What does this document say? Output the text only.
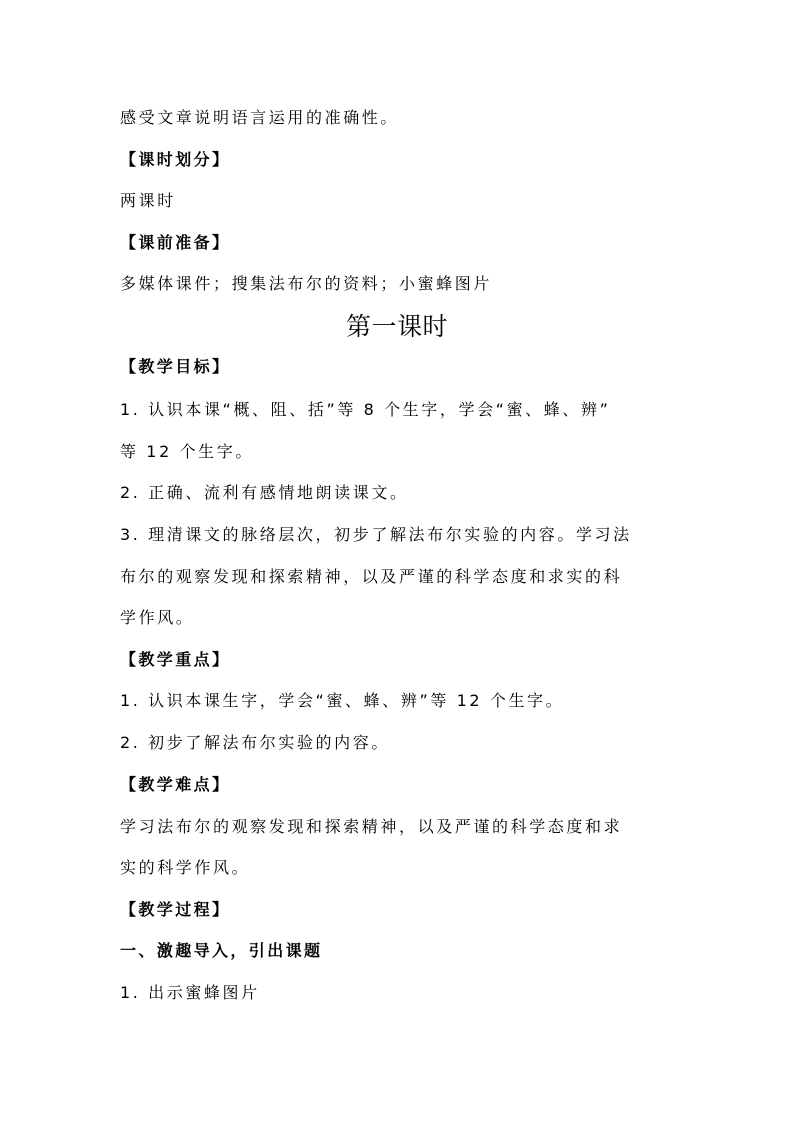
感受文章说明语言运用的准确性。
【课时划分】
两课时
【课前准备】
多媒体课件；搜集法布尔的资料；小蜜蜂图片
第一课时
【教学目标】
1. 认识本课“概、阻、括”等 8 个生字，学会“蜜、蜂、辨”
等 12 个生字。
2. 正确、流利有感情地朗读课文。
3. 理清课文的脉络层次，初步了解法布尔实验的内容。学习法
布尔的观察发现和探索精神，以及严谨的科学态度和求实的科
学作风。
【教学重点】
1. 认识本课生字，学会“蜜、蜂、辨”等 12 个生字。
2. 初步了解法布尔实验的内容。
【教学难点】
学习法布尔的观察发现和探索精神，以及严谨的科学态度和求
实的科学作风。
【教学过程】
一、激趣导入，引出课题
1. 出示蜜蜂图片
